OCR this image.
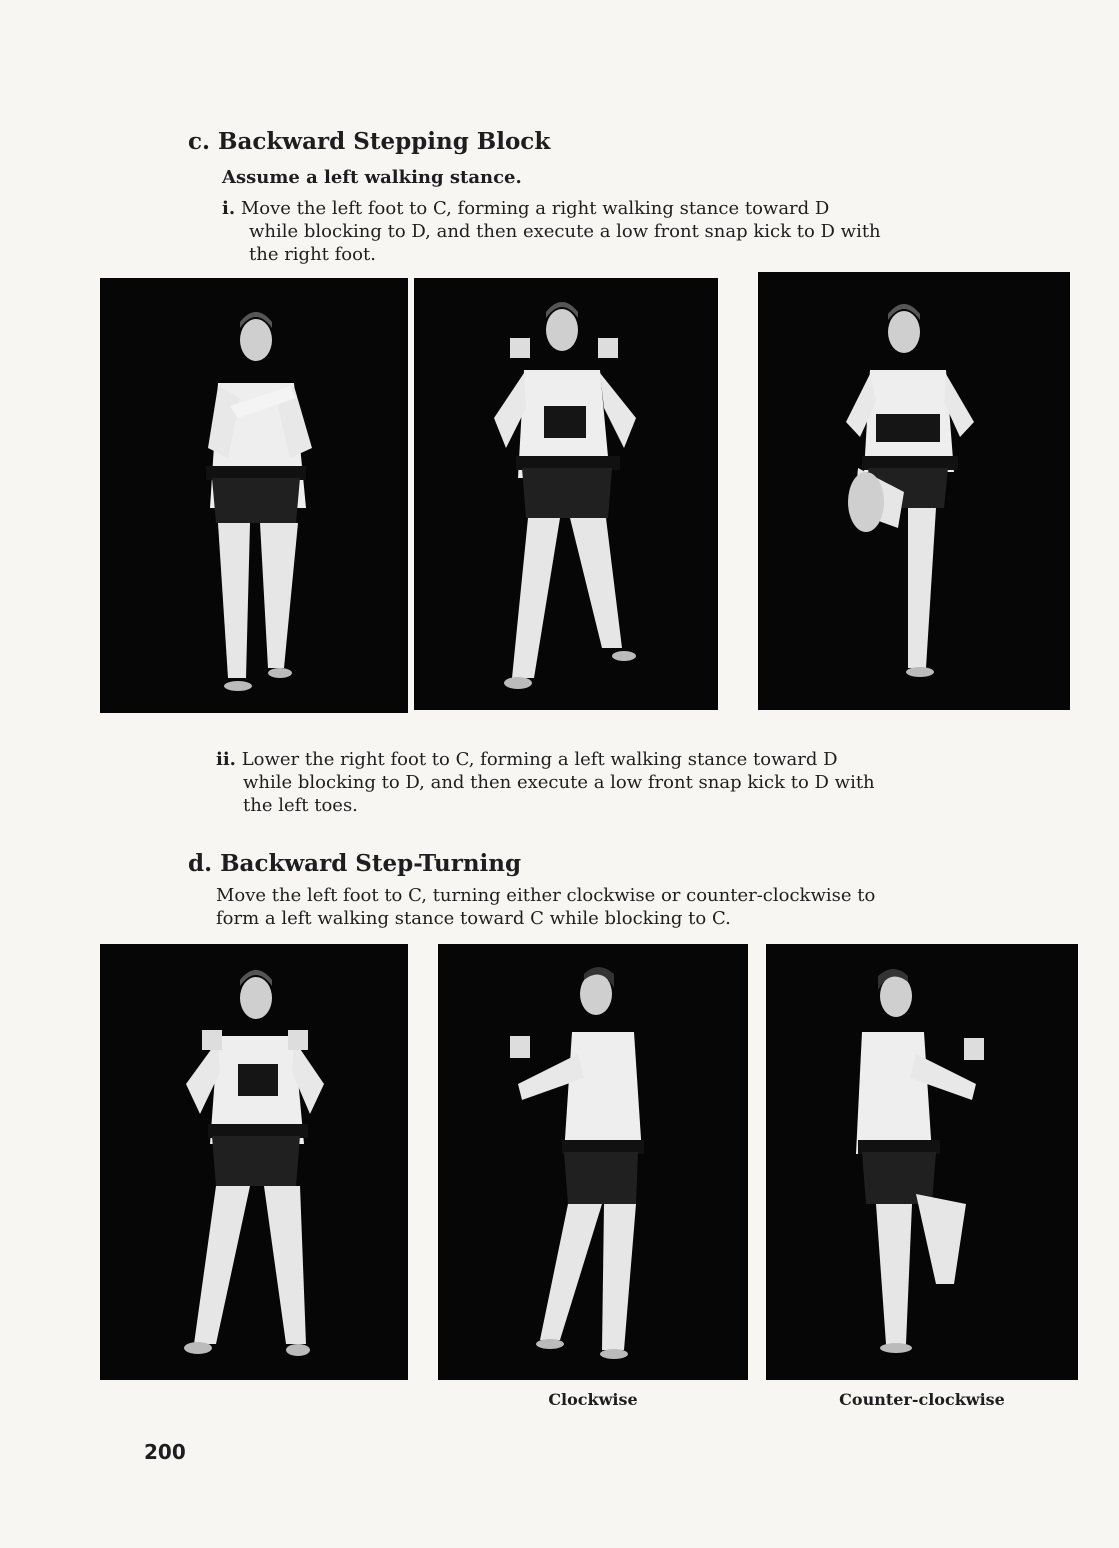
c. Backward Stepping Block
Assume a left walking stance.
i. Move the left foot to C, forming a right walking stance toward D
while blocking to D, and then execute a low front snap kick to D with
the right foot.
ii. Lower the right foot to C, forming a left walking stance toward D
while blocking to D, and then execute a low front snap kick to D with
the left toes.
d. Backward Step-Turning
Move the left foot to C, turning either clockwise or counter-clockwise to
form a left walking stance toward C while blocking to C.
Clockwise	Counter-clockwise
200
